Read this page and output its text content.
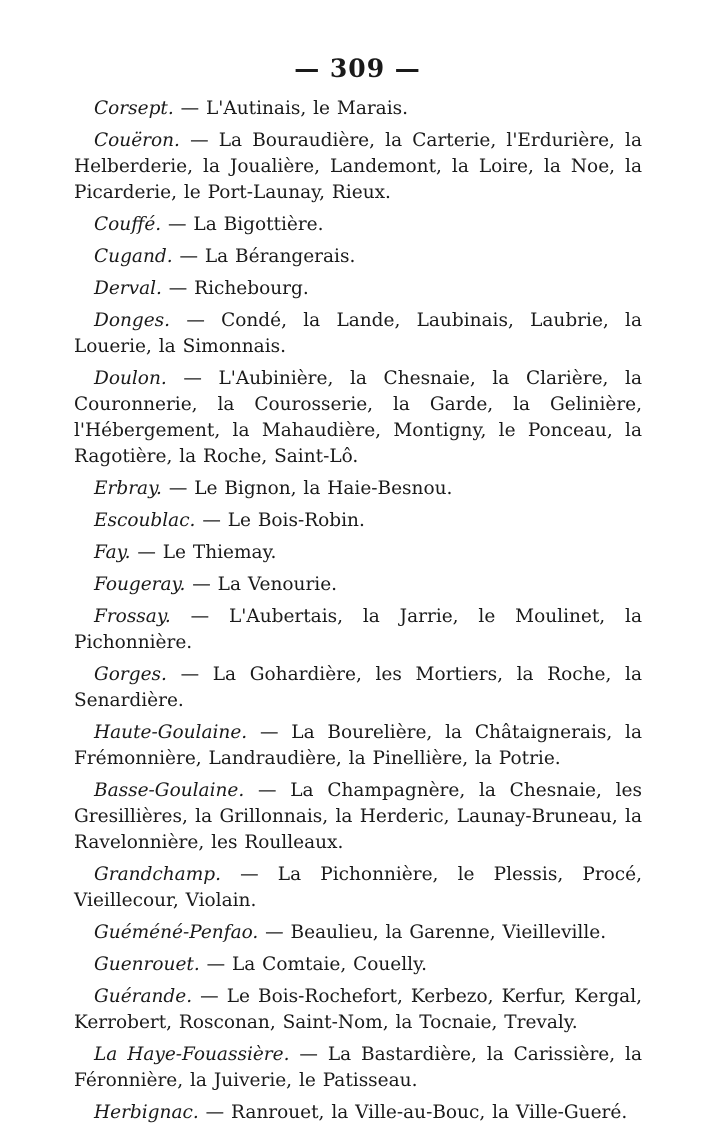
— 309 —

Corsept. — L'Autinais, le Marais.

Couëron. — La Bouraudière, la Carterie, l'Erdurière, la Helberderie, la Joualière, Landemont, la Loire, la Noe, la Picarderie, le Port-Launay, Rieux.

Couffé. — La Bigottière.

Cugand. — La Bérangerais.

Derval. — Richebourg.

Donges. — Condé, la Lande, Laubinais, Laubrie, la Louerie, la Simonnais.

Doulon. — L'Aubinière, la Chesnaie, la Clarière, la Couronnerie, la Courosserie, la Garde, la Gelinière, l'Hébergement, la Mahaudière, Montigny, le Ponceau, la Ragotière, la Roche, Saint-Lô.

Erbray. — Le Bignon, la Haie-Besnou.

Escoublac. — Le Bois-Robin.

Fay. — Le Thiemay.

Fougeray. — La Venourie.

Frossay. — L'Aubertais, la Jarrie, le Moulinet, la Pichonnière.

Gorges. — La Gohardière, les Mortiers, la Roche, la Senardière.

Haute-Goulaine. — La Bourelière, la Châtaignerais, la Frémonnière, Landraudière, la Pinellière, la Potrie.

Basse-Goulaine. — La Champagnère, la Chesnaie, les Gresillières, la Grillonnais, la Herderic, Launay-Bruneau, la Ravelonnière, les Roulleaux.

Grandchamp. — La Pichonnière, le Plessis, Procé, Vieillecour, Violain.

Guéméné-Penfao. — Beaulieu, la Garenne, Vieilleville.

Guenrouet. — La Comtaie, Couelly.

Guérande. — Le Bois-Rochefort, Kerbezo, Kerfur, Kergal, Kerrobert, Rosconan, Saint-Nom, la Tocnaie, Trevaly.

La Haye-Fouassière. — La Bastardière, la Carissière, la Féronnière, la Juiverie, le Patisseau.

Herbignac. — Ranrouet, la Ville-au-Bouc, la Ville-Gueré.
